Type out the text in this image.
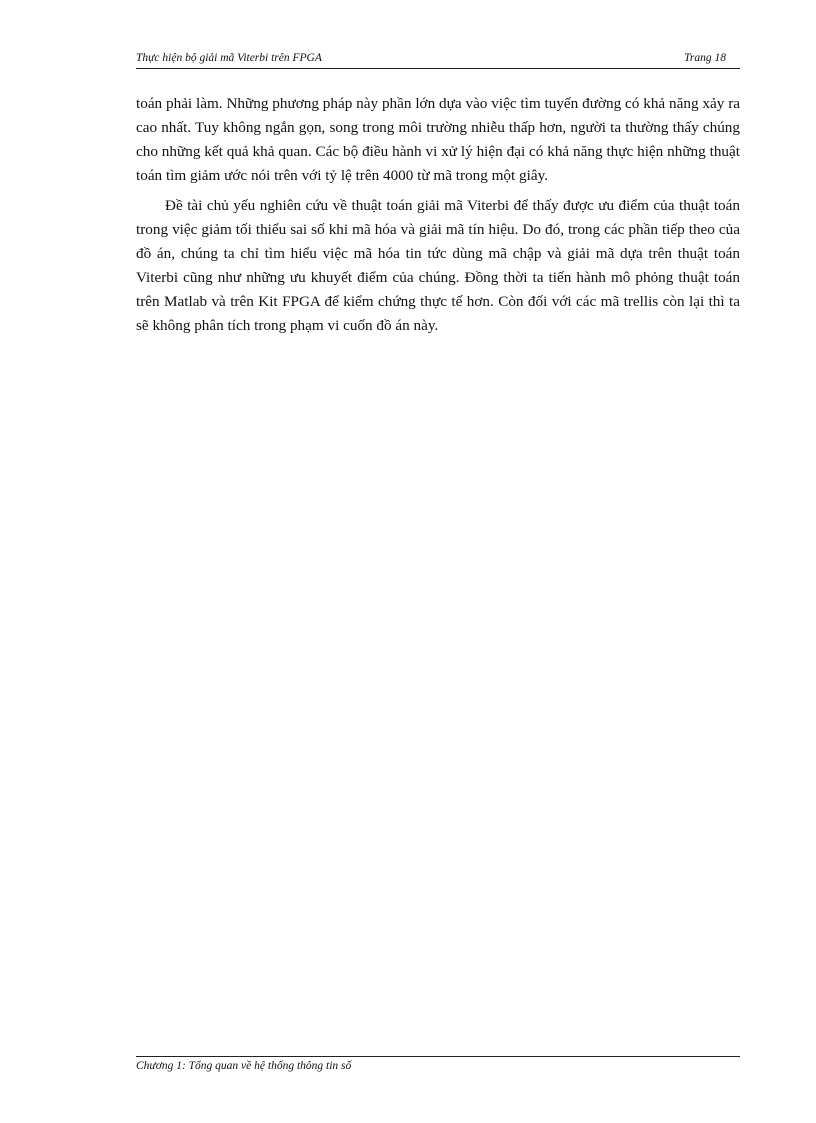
Thực hiện bộ giải mã Viterbi trên FPGA	Trang 18

toán phải làm. Những phương pháp này phần lớn dựa vào việc tìm tuyến đường có khả năng xảy ra cao nhất. Tuy không ngắn gọn, song trong môi trường nhiễu thấp hơn, người ta thường thấy chúng cho những kết quả khả quan. Các bộ điều hành vi xử lý hiện đại có khả năng thực hiện những thuật toán tìm giảm ước nói trên với tỷ lệ trên 4000 từ mã trong một giây.

Đề tài chủ yếu nghiên cứu về thuật toán giải mã Viterbi để thấy được ưu điểm của thuật toán trong việc giảm tối thiểu sai số khi mã hóa và giải mã tín hiệu. Do đó, trong các phần tiếp theo của đồ án, chúng ta chỉ tìm hiểu việc mã hóa tin tức dùng mã chập và giải mã dựa trên thuật toán Viterbi cũng như những ưu khuyết điểm của chúng. Đồng thời ta tiến hành mô phỏng thuật toán trên Matlab và trên Kit FPGA để kiểm chứng thực tế hơn. Còn đối với các mã trellis còn lại thì ta sẽ không phân tích trong phạm vi cuốn đồ án này.

Chương 1: Tổng quan về hệ thống thông tin số
